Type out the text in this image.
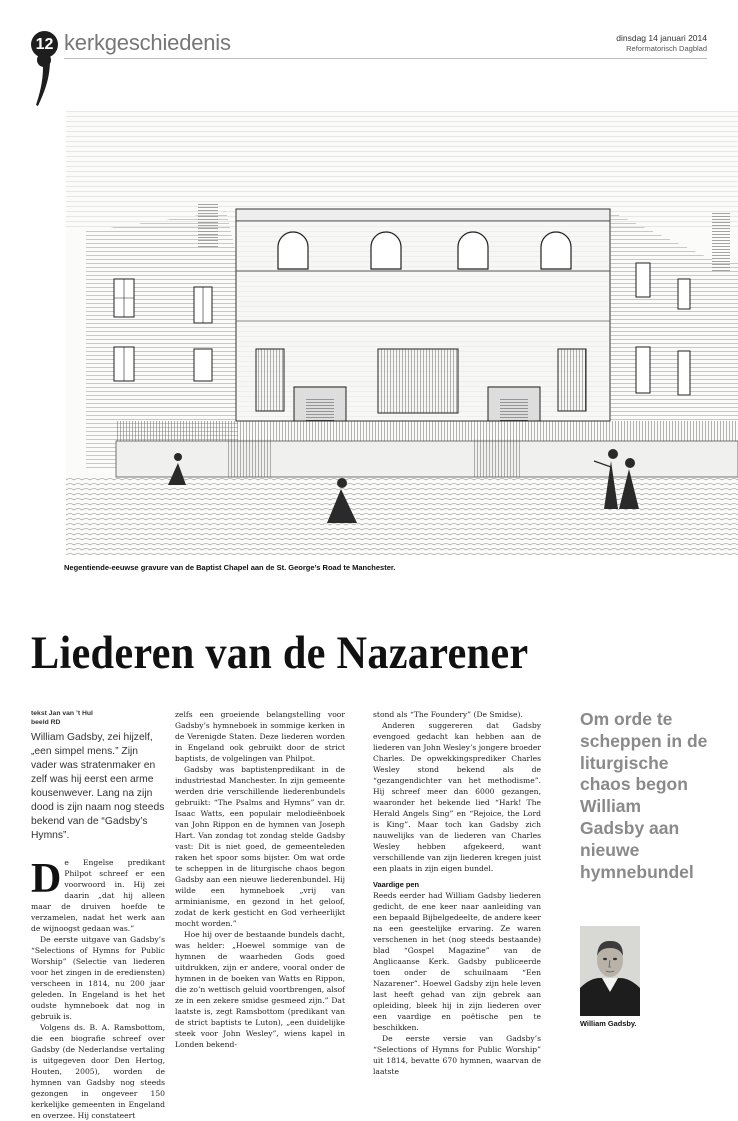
12 kerkgeschiedenis	dinsdag 14 januari 2014
Reformatorisch Dagblad
Negentiende-eeuwse gravure van de Baptist Chapel aan de St. George’s Road te Manchester.
Liederen van de Nazarener
tekst Jan van ’t Hul
beeld RD
William Gadsby, zei hijzelf, „een simpel mens.” Zijn vader was stratenmaker en zelf was hij eerst een arme kousenwever. Lang na zijn dood is zijn naam nog steeds bekend van de “Gadsby’s Hymns”.

De Engelse predikant Philpot schreef er een voorwoord in. Hij zei daarin „dat hij alleen maar de druiven hoefde te verzamelen, nadat het werk aan de wijnoogst gedaan was.”

De eerste uitgave van Gadsby’s “Selections of Hymns for Public Worship” (Selectie van liederen voor het zingen in de erediensten) verscheen in 1814, nu 200 jaar geleden. In Engeland is het het oudste hymneboek dat nog in gebruik is.

Volgens ds. B. A. Ramsbottom, die een biografie schreef over Gadsby (de Nederlandse vertaling is uitgegeven door Den Hertog, Houten, 2005), worden de hymnen van Gadsby nog steeds gezongen in ongeveer 150 kerkelijke gemeenten in Engeland en overzee. Hij constateert

zelfs een groeiende belangstelling voor Gadsby’s hymneboek in sommige kerken in de Verenigde Staten. Deze liederen worden in Engeland ook gebruikt door de strict baptists, de volgelingen van Philpot.

Gadsby was baptistenpredikant in de industriestad Manchester. In zijn gemeente werden drie verschillende liederenbundels gebruikt: “The Psalms and Hymns” van dr. Isaac Watts, een populair melodieënboek van John Rippon en de hymnen van Joseph Hart. Van zondag tot zondag stelde Gadsby vast: Dit is niet goed, de gemeenteleden raken het spoor soms bijster. Om wat orde te scheppen in de liturgische chaos begon Gadsby aan een nieuwe liederenbundel. Hij wilde een hymneboek „vrij van arminianisme, en gezond in het geloof, zodat de kerk gesticht en God verheerlijkt mocht worden.”

Hoe hij over de bestaande bundels dacht, was helder: „Hoewel sommige van de hymnen de waarheden Gods goed uitdrukken, zijn er andere, vooral onder de hymnen in de boeken van Watts en Rippon, die zo’n wettisch geluid voortbrengen, alsof ze in een zekere smidse gesmeed zijn.” Dat laatste is, zegt Ramsbottom (predikant van de strict baptists te Luton), „een duidelijke steek voor John Wesley”, wiens kapel in Londen bekend-

stond als “The Foundery” (De Smidse).

Anderen suggereren dat Gadsby evengoed gedacht kan hebben aan de liederen van John Wesley’s jongere broeder Charles. De opwekkingsprediker Charles Wesley stond bekend als de “gezangendichter van het methodisme”. Hij schreef meer dan 6000 gezangen, waaronder het bekende lied “Hark! The Herald Angels Sing” en “Rejoice, the Lord is King”. Maar toch kan Gadsby zich nauwelijks van de liederen van Charles Wesley hebben afgekeerd, want verschillende van zijn liederen kregen juist een plaats in zijn eigen bundel.

Vaardige pen

Reeds eerder had William Gadsby liederen gedicht, de ene keer naar aanleiding van een bepaald Bijbelgedeelte, de andere keer na een geestelijke ervaring. Ze waren verschenen in het (nog steeds bestaande) blad “Gospel Magazine” van de Anglicaanse Kerk. Gadsby publiceerde toen onder de schuilnaam “Een Nazarener”. Hoewel Gadsby zijn hele leven last heeft gehad van zijn gebrek aan opleiding, bleek hij in zijn liederen over een vaardige en poëtische pen te beschikken.

De eerste versie van Gadsby’s “Selections of Hymns for Public Worship” uit 1814, bevatte 670 hymnen, waarvan de laatste

Om orde te scheppen in de liturgische chaos begon William Gadsby aan nieuwe hymnebundel
William Gadsby.
